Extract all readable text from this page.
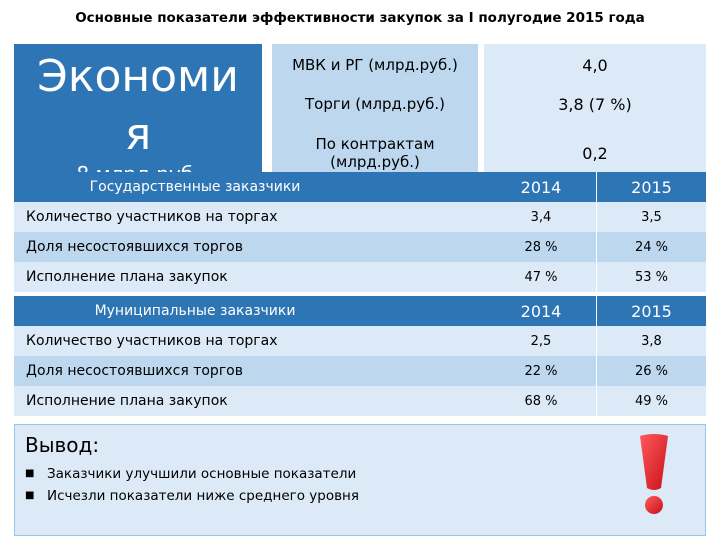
Основные показатели эффективности закупок за I полугодие 2015 года
Экономи
я
МВК и РГ (млрд.руб.)	4,0
Торги (млрд.руб.)	3,8 (7 %)
По контрактам (млрд.руб.)	0,2
Государственные заказчики	2014	2015
Количество участников на торгах	3,4	3,5
Доля несостоявшихся торгов	28 %	24 %
Исполнение плана закупок	47 %	53 %
Муниципальные заказчики	2014	2015
Количество участников на торгах	2,5	3,8
Доля несостоявшихся торгов	22 %	26 %
Исполнение плана закупок	68 %	49 %
Вывод:
■ Заказчики улучшили основные показатели
■ Исчезли показатели ниже среднего уровня
